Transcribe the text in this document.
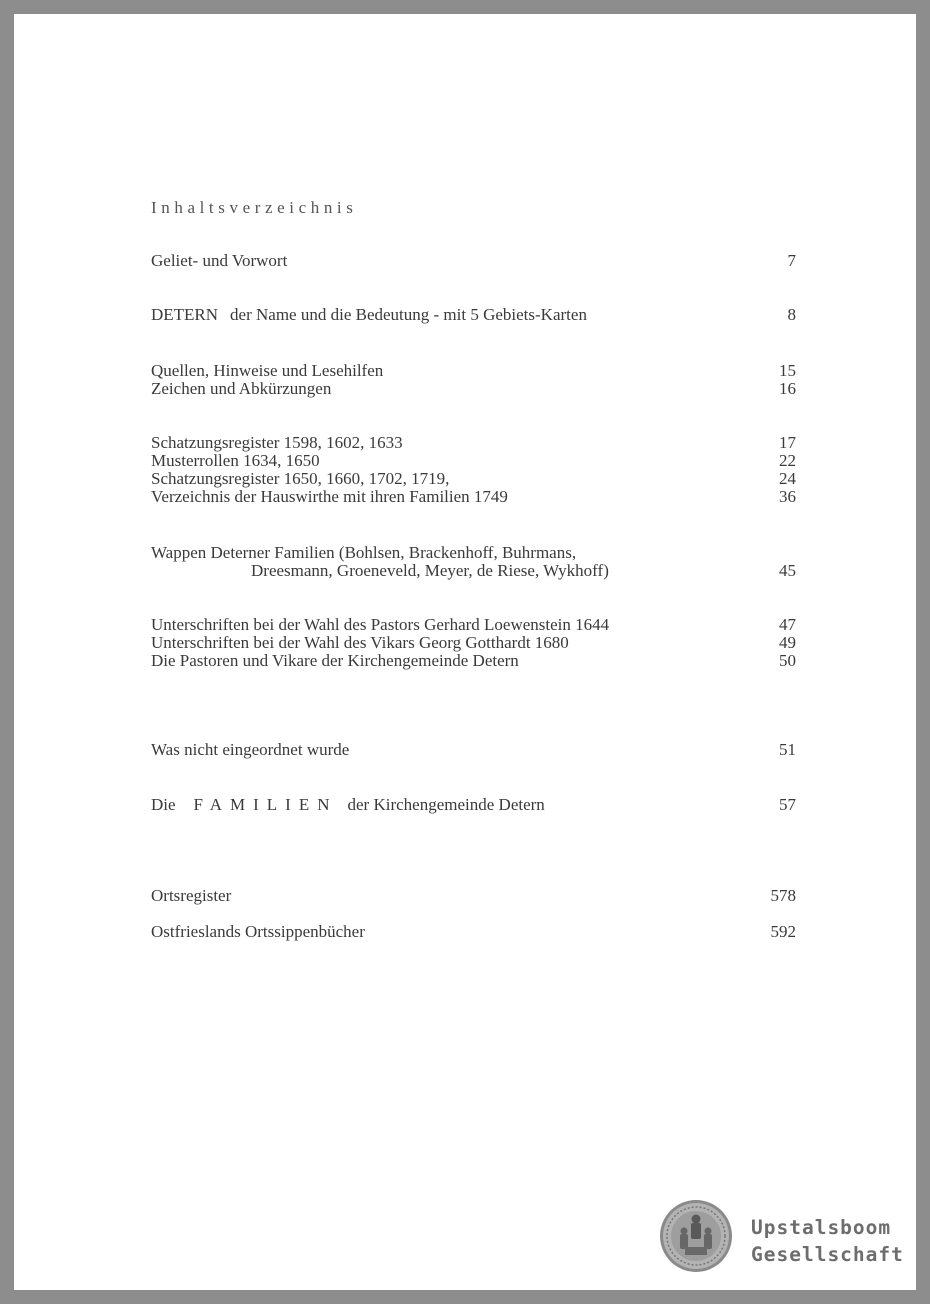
Inhaltsverzeichnis
Geliet- und Vorwort	7
DETERN der Name und die Bedeutung - mit 5 Gebiets-Karten	8
Quellen, Hinweise und Lesehilfen	15
Zeichen und Abkürzungen	16
Schatzungsregister 1598, 1602, 1633	17
Musterrollen 1634, 1650	22
Schatzungsregister 1650, 1660, 1702, 1719,	24
Verzeichnis der Hauswirthe mit ihren Familien 1749	36
Wappen Deterner Familien (Bohlsen, Brackenhoff, Buhrmans,
Dreesmann, Groeneveld, Meyer, de Riese, Wykhoff)	45
Unterschriften bei der Wahl des Pastors Gerhard Loewenstein 1644	47
Unterschriften bei der Wahl des Vikars Georg Gotthardt 1680	49
Die Pastoren und Vikare der Kirchengemeinde Detern	50
Was nicht eingeordnet wurde	51
Die FAMILIEN der Kirchengemeinde Detern	57
Ortsregister	578
Ostfrieslands Ortssippenbücher	592
Upstalsboom
Gesellschaft
